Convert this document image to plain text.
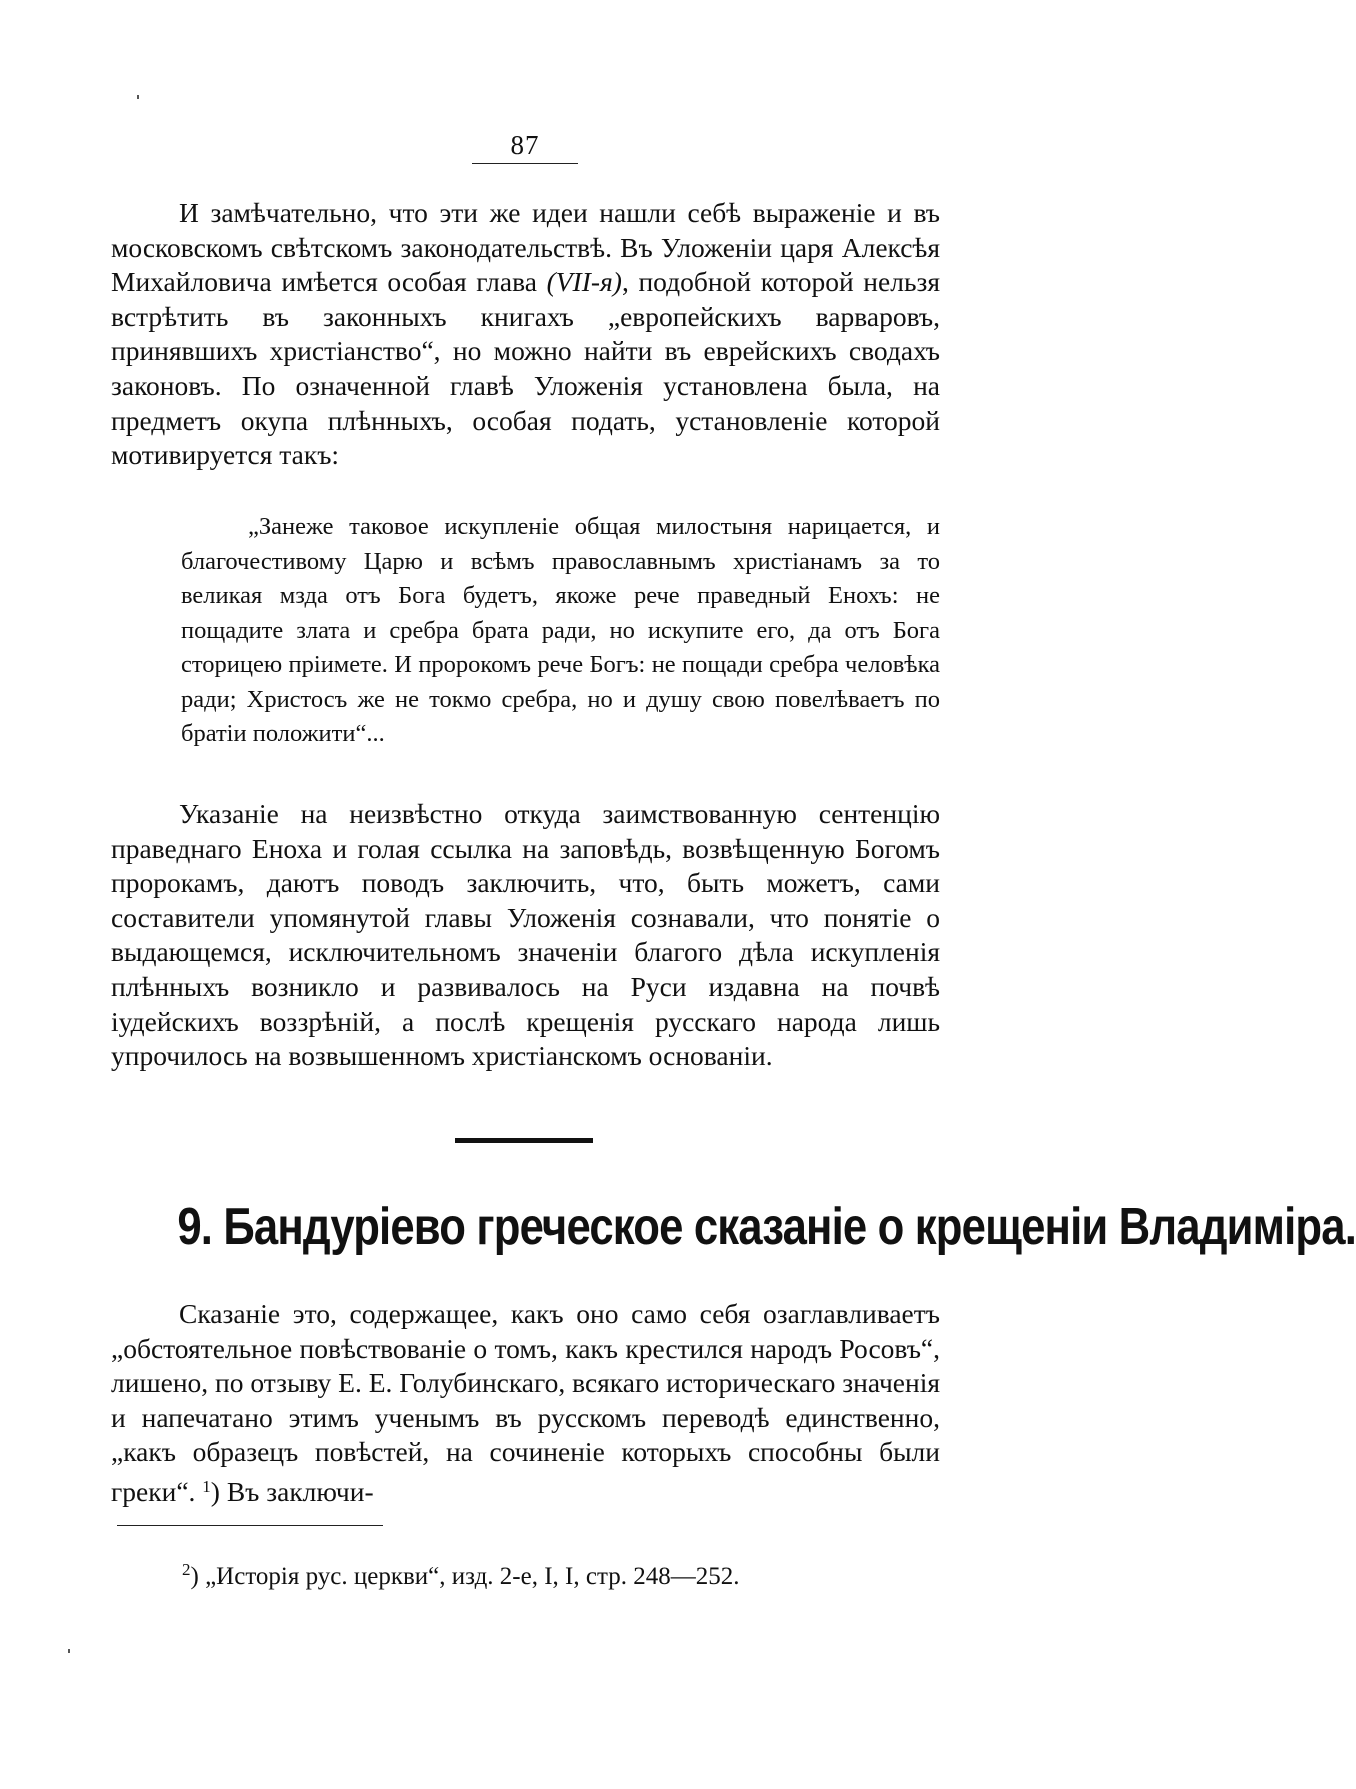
87

И замѣчательно, что эти же идеи нашли себѣ выраженіе и въ московскомъ свѣтскомъ законодательствѣ. Въ Уложеніи царя Алексѣя Михайловича имѣется особая глава (VII-я), подобной которой нельзя встрѣтить въ законныхъ книгахъ „европейскихъ варваровъ, принявшихъ христіанство“, но можно найти въ еврейскихъ сводахъ законовъ. По означенной главѣ Уложенія установлена была, на предметъ окупа плѣнныхъ, особая подать, установленіе которой мотивируется такъ:

„Занеже таковое искупленіе общая милостыня нарицается, и благочестивому Царю и всѣмъ православнымъ христіанамъ за то великая мзда отъ Бога будетъ, якоже рече праведный Енохъ: не пощадите злата и сребра брата ради, но искупите его, да отъ Бога сторицею пріимете. И пророкомъ рече Богъ: не пощади сребра человѣка ради; Христосъ же не токмо сребра, но и душу свою повелѣваетъ по братіи положити“...

Указаніе на неизвѣстно откуда заимствованную сентенцію праведнаго Еноха и голая ссылка на заповѣдь, возвѣщенную Богомъ пророкамъ, даютъ поводъ заключить, что, быть можетъ, сами составители упомянутой главы Уложенія сознавали, что понятіе о выдающемся, исключительномъ значеніи благого дѣла искупленія плѣнныхъ возникло и развивалось на Руси издавна на почвѣ іудейскихъ воззрѣній, а послѣ крещенія русскаго народа лишь упрочилось на возвышенномъ христіанскомъ основаніи.

9. Бандуріево греческое сказаніе о крещеніи Владиміра.

Сказаніе это, содержащее, какъ оно само себя озаглавливаетъ „обстоятельное повѣствованіе о томъ, какъ крестился народъ Росовъ“, лишено, по отзыву Е. Е. Голубинскаго, всякаго историческаго значенія и напечатано этимъ ученымъ въ русскомъ переводѣ единственно, „какъ образецъ повѣстей, на сочиненіе которыхъ способны были греки“. $^1$) Въ заключи-

$^2$) „Исторія рус. церкви“, изд. 2-е, I, I, стр. 248—252.
